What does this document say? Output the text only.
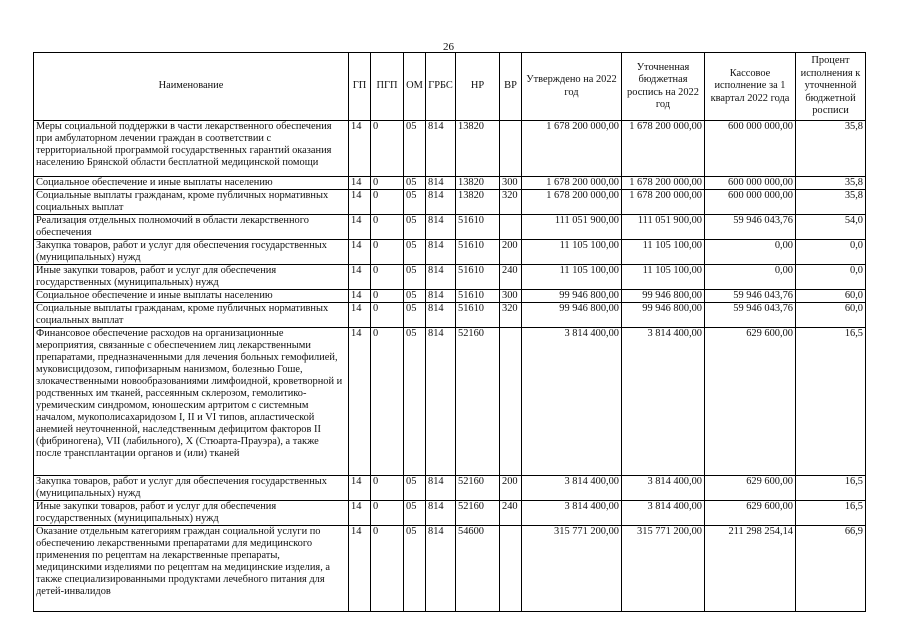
26
Наименование	ГП	ПГП	ОМ	ГРБС	НР	ВР	Утверждено на 2022 год	Уточненная бюджетная роспись на 2022 год	Кассовое исполнение за 1 квартал 2022 года	Процент исполнения к уточненной бюджетной росписи
Меры социальной поддержки в части лекарственного обеспечения при амбулаторном лечении граждан в соответствии с территориальной программой государственных гарантий оказания населению Брянской области бесплатной медицинской помощи	14	0	05	814	13820		1 678 200 000,00	1 678 200 000,00	600 000 000,00	35,8
Социальное обеспечение и иные выплаты населению	14	0	05	814	13820	300	1 678 200 000,00	1 678 200 000,00	600 000 000,00	35,8
Социальные выплаты гражданам, кроме публичных нормативных социальных выплат	14	0	05	814	13820	320	1 678 200 000,00	1 678 200 000,00	600 000 000,00	35,8
Реализация отдельных полномочий в области лекарственного обеспечения	14	0	05	814	51610		111 051 900,00	111 051 900,00	59 946 043,76	54,0
Закупка товаров, работ и услуг для обеспечения государственных (муниципальных) нужд	14	0	05	814	51610	200	11 105 100,00	11 105 100,00	0,00	0,0
Иные закупки товаров, работ и услуг для обеспечения государственных (муниципальных) нужд	14	0	05	814	51610	240	11 105 100,00	11 105 100,00	0,00	0,0
Социальное обеспечение и иные выплаты населению	14	0	05	814	51610	300	99 946 800,00	99 946 800,00	59 946 043,76	60,0
Социальные выплаты гражданам, кроме публичных нормативных социальных выплат	14	0	05	814	51610	320	99 946 800,00	99 946 800,00	59 946 043,76	60,0
Финансовое обеспечение расходов на организационные мероприятия, связанные с обеспечением лиц лекарственными препаратами, предназначенными для лечения больных гемофилией, муковисцидозом, гипофизарным нанизмом, болезнью Гоше, злокачественными новообразованиями лимфоидной, кроветворной и родственных им тканей, рассеянным склерозом, гемолитико-уремическим синдромом, юношеским артритом с системным началом, мукополисахаридозом I, II и VI типов, апластической анемией неуточненной, наследственным дефицитом факторов II (фибриногена), VII (лабильного), X (Стюарта-Прауэра), а также после трансплантации органов и (или) тканей	14	0	05	814	52160		3 814 400,00	3 814 400,00	629 600,00	16,5
Закупка товаров, работ и услуг для обеспечения государственных (муниципальных) нужд	14	0	05	814	52160	200	3 814 400,00	3 814 400,00	629 600,00	16,5
Иные закупки товаров, работ и услуг для обеспечения государственных (муниципальных) нужд	14	0	05	814	52160	240	3 814 400,00	3 814 400,00	629 600,00	16,5
Оказание отдельным категориям граждан социальной услуги по обеспечению лекарственными препаратами для медицинского применения по рецептам на лекарственные препараты, медицинскими изделиями по рецептам на медицинские изделия, а также специализированными продуктами лечебного питания для детей-инвалидов	14	0	05	814	54600		315 771 200,00	315 771 200,00	211 298 254,14	66,9
